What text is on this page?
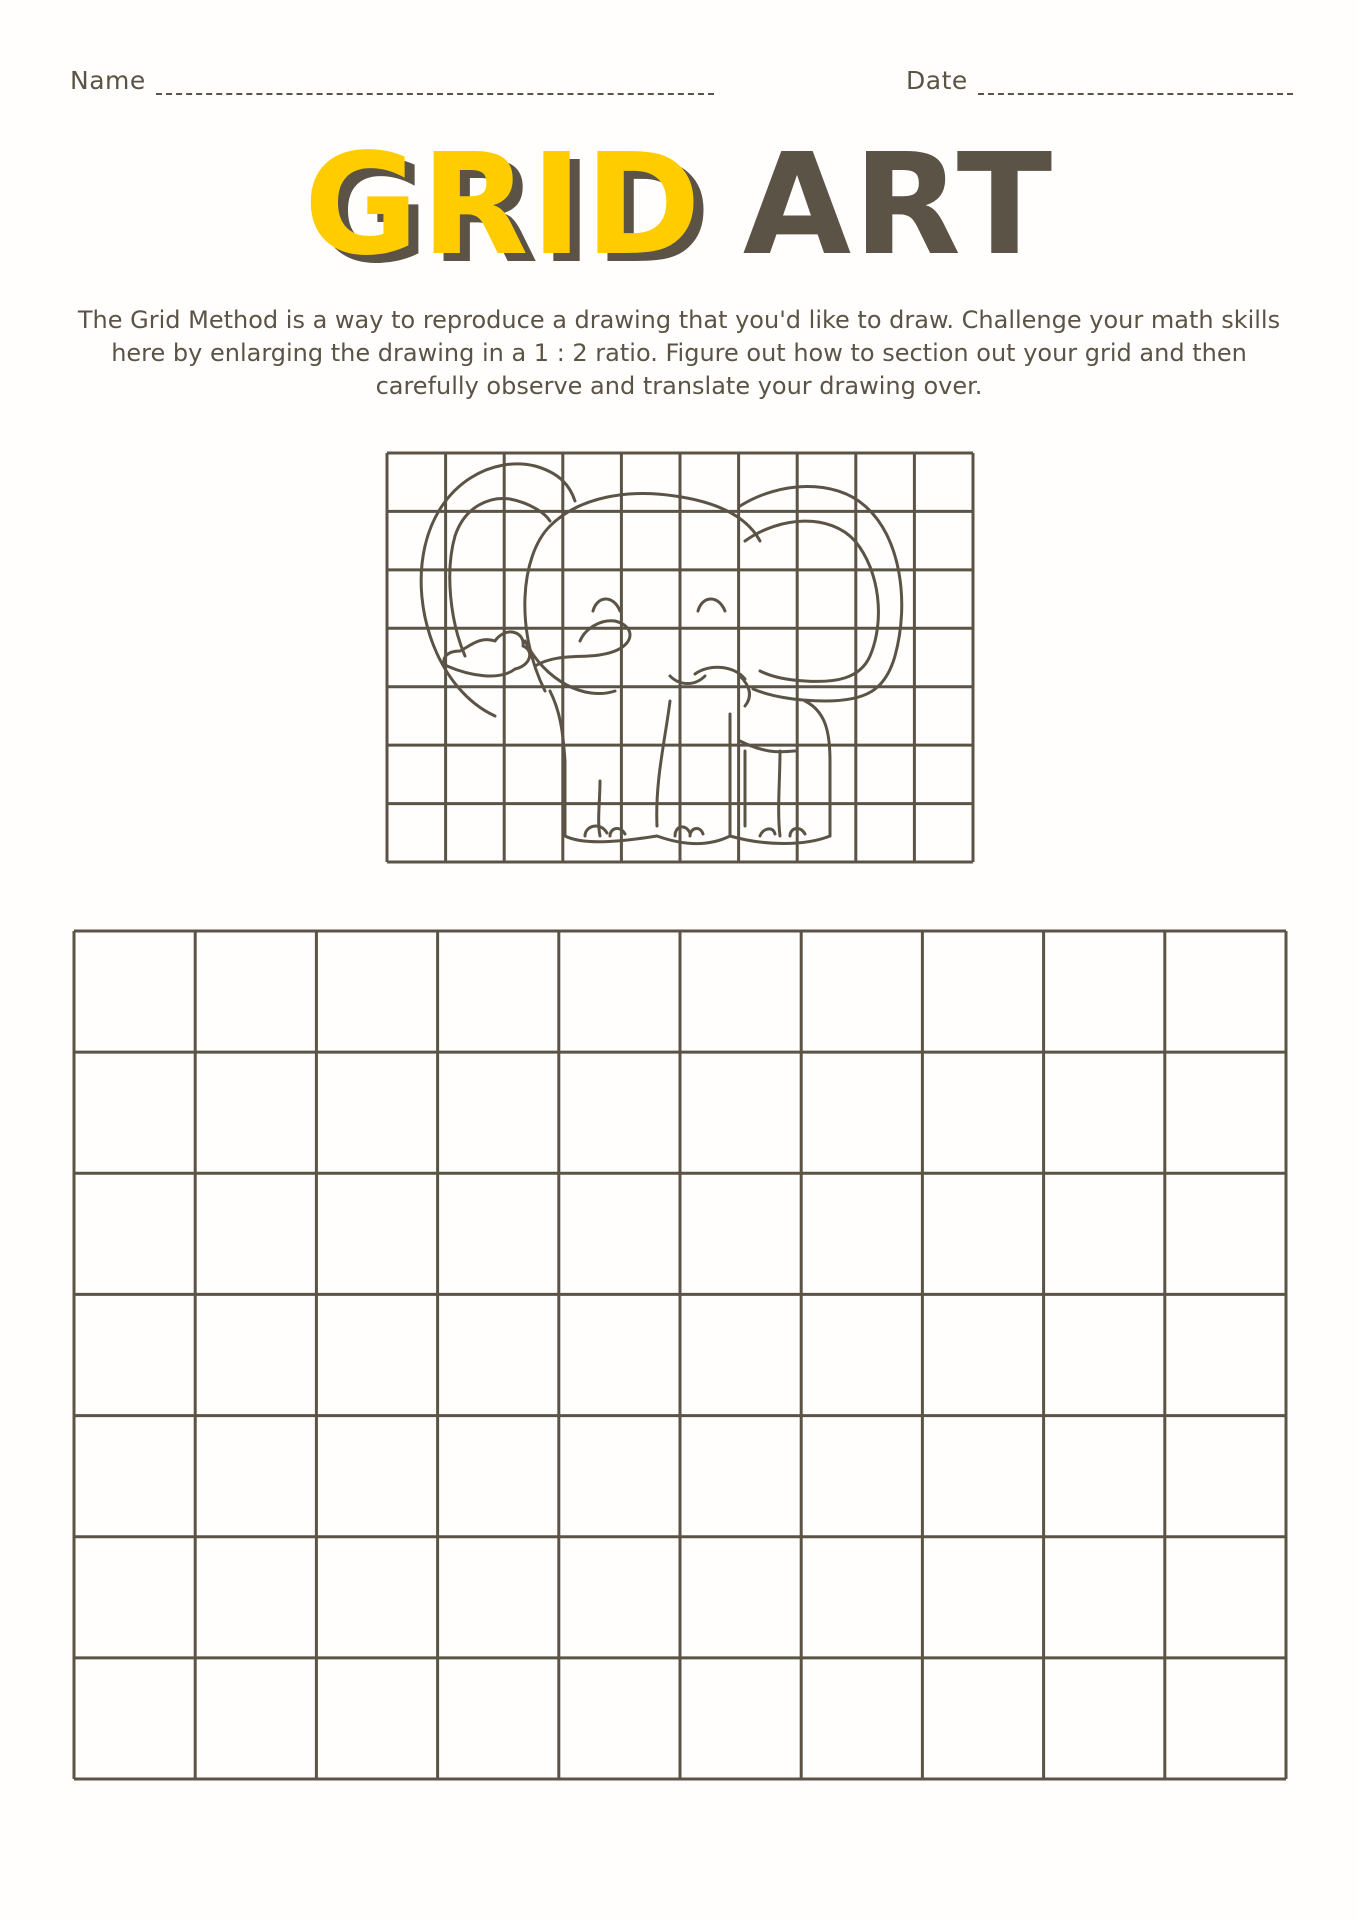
Name	Date
GRID ART

The Grid Method is a way to reproduce a drawing that you'd like to draw. Challenge your math skills here by enlarging the drawing in a 1 : 2 ratio. Figure out how to section out your grid and then carefully observe and translate your drawing over.
